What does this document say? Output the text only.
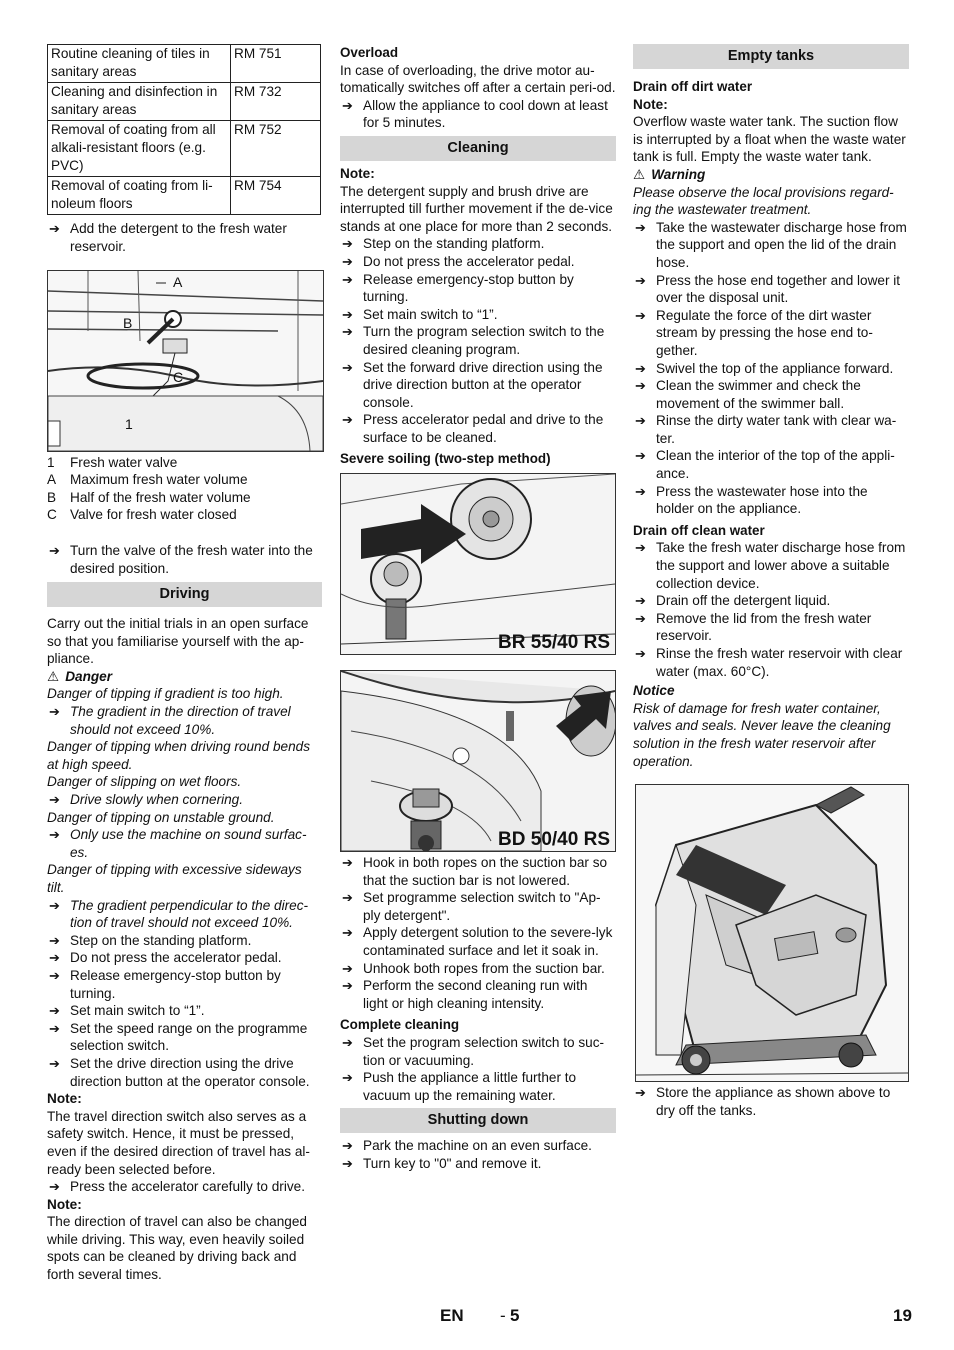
Routine cleaning of tiles in sanitary areas	RM 751
Cleaning and disinfection in sanitary areas	RM 732
Removal of coating from all alkali-resistant floors (e.g. PVC)	RM 752
Removal of coating from li-noleum floors	RM 754

➔ Add the detergent to the fresh water reservoir.

A
B
C
1

1 Fresh water valve

A Maximum fresh water volume

B Half of the fresh water volume

C Valve for fresh water closed

➔ Turn the valve of the fresh water into the desired position.

Driving

Carry out the initial trials in an open surface so that you familiarise yourself with the ap-pliance.

⚠ Danger

Danger of tipping if gradient is too high.

➔ The gradient in the direction of travel should not exceed 10%.

Danger of tipping when driving round bends at high speed.

Danger of slipping on wet floors.

➔ Drive slowly when cornering.

Danger of tipping on unstable ground.

➔ Only use the machine on sound surfac-es.

Danger of tipping with excessive sideways tilt.

➔ The gradient perpendicular to the direc-tion of travel should not exceed 10%.

➔ Step on the standing platform.

➔ Do not press the accelerator pedal.

➔ Release emergency-stop button by turning.

➔ Set main switch to “1”.

➔ Set the speed range on the programme selection switch.

➔ Set the drive direction using the drive direction button at the operator console.

Note:

The travel direction switch also serves as a safety switch. Hence, it must be pressed, even if the desired direction of travel has al-ready been selected before.

➔ Press the accelerator carefully to drive.

Note:

The direction of travel can also be changed while driving. This way, even heavily soiled spots can be cleaned by driving back and forth several times.

Overload

In case of overloading, the drive motor au-tomatically switches off after a certain peri-od.

➔ Allow the appliance to cool down at least for 5 minutes.

Cleaning

Note:

The detergent supply and brush drive are interrupted till further movement if the de-vice stands at one place for more than 2 seconds.

➔ Step on the standing platform.

➔ Do not press the accelerator pedal.

➔ Release emergency-stop button by turning.

➔ Set main switch to “1”.

➔ Turn the program selection switch to the desired cleaning program.

➔ Set the forward drive direction using the drive direction button at the operator console.

➔ Press accelerator pedal and drive to the surface to be cleaned.

Severe soiling (two-step method)

BR 55/40 RS
BD 50/40 RS

➔ Hook in both ropes on the suction bar so that the suction bar is not lowered.

➔ Set programme selection switch to "Ap-ply detergent".

➔ Apply detergent solution to the severe-lyk contaminated surface and let it soak in.

➔ Unhook both ropes from the suction bar.

➔ Perform the second cleaning run with light or high cleaning intensity.

Complete cleaning

➔ Set the program selection switch to suc-tion or vacuuming.

➔ Push the appliance a little further to vacuum up the remaining water.

Shutting down

➔ Park the machine on an even surface.

➔ Turn key to "0" and remove it.

Empty tanks

Drain off dirt water

Note:

Overflow waste water tank. The suction flow is interrupted by a float when the waste water tank is full. Empty the waste water tank.

⚠ Warning

Please observe the local provisions regard-ing the wastewater treatment.

➔ Take the wastewater discharge hose from the support and open the lid of the drain hose.

➔ Press the hose end together and lower it over the disposal unit.

➔ Regulate the force of the dirt waster stream by pressing the hose end to-gether.

➔ Swivel the top of the appliance forward.

➔ Clean the swimmer and check the movement of the swimmer ball.

➔ Rinse the dirty water tank with clear wa-ter.

➔ Clean the interior of the top of the appli-ance.

➔ Press the wastewater hose into the holder on the appliance.

Drain off clean water

➔ Take the fresh water discharge hose from the support and lower above a suitable collection device.

➔ Drain off the detergent liquid.

➔ Remove the lid from the fresh water reservoir.

➔ Rinse the fresh water reservoir with clear water (max. 60°C).

Notice

Risk of damage for fresh water container, valves and seals. Never leave the cleaning solution in the fresh water reservoir after operation.

➔ Store the appliance as shown above to dry off the tanks.

EN - 5	19
